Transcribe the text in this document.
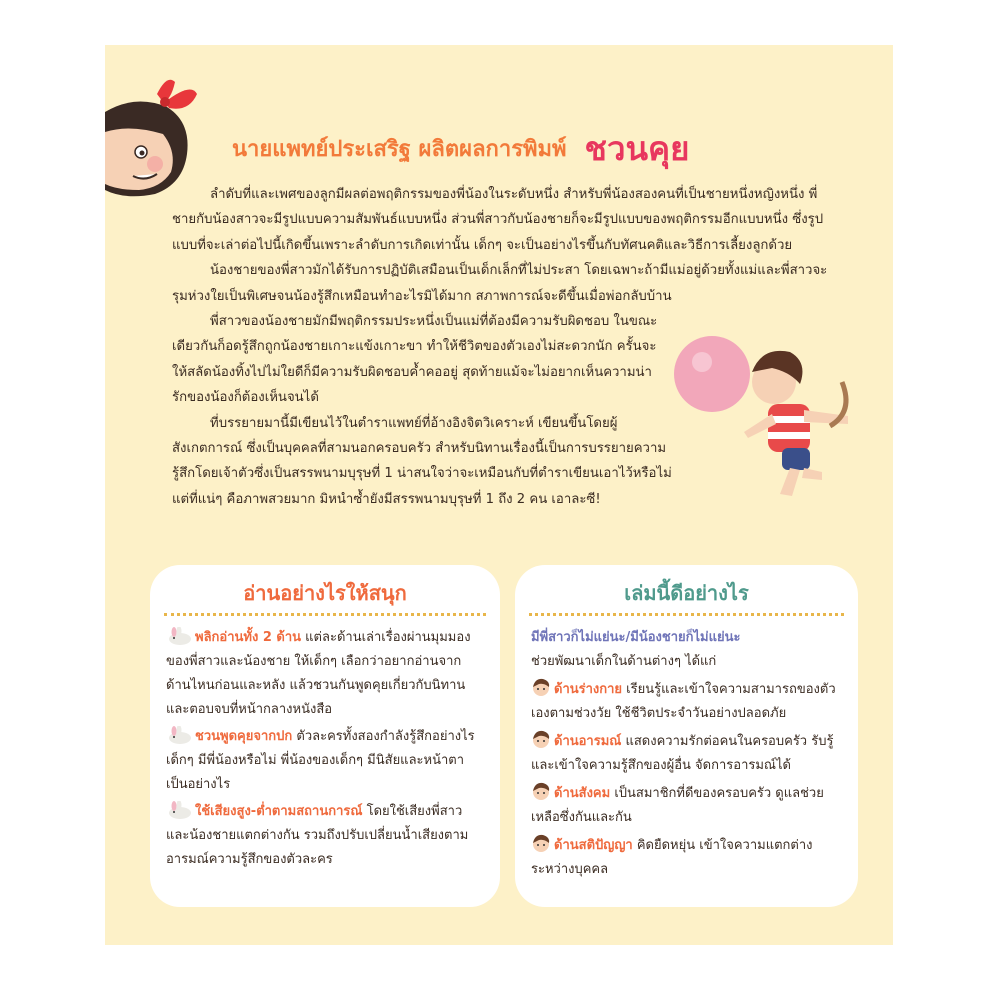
นายแพทย์ประเสริฐ ผลิตผลการพิมพ์ ชวนคุย

ลำดับที่และเพศของลูกมีผลต่อพฤติกรรมของพี่น้องในระดับหนึ่ง สำหรับพี่น้องสองคนที่เป็นชายหนึ่งหญิงหนึ่ง พี่ชายกับน้องสาวจะมีรูปแบบความสัมพันธ์แบบหนึ่ง ส่วนพี่สาวกับน้องชายก็จะมีรูปแบบของพฤติกรรมอีกแบบหนึ่ง ซึ่งรูปแบบที่จะเล่าต่อไปนี้เกิดขึ้นเพราะลำดับการเกิดเท่านั้น เด็กๆ จะเป็นอย่างไรขึ้นกับทัศนคติและวิธีการเลี้ยงลูกด้วย

น้องชายของพี่สาวมักได้รับการปฏิบัติเสมือนเป็นเด็กเล็กที่ไม่ประสา โดยเฉพาะถ้ามีแม่อยู่ด้วยทั้งแม่และพี่สาวจะรุมห่วงใยเป็นพิเศษจนน้องรู้สึกเหมือนทำอะไรมิได้มาก สภาพการณ์จะดีขึ้นเมื่อพ่อกลับบ้าน

พี่สาวของน้องชายมักมีพฤติกรรมประหนึ่งเป็นแม่ที่ต้องมีความรับผิดชอบ ในขณะเดียวกันก็อดรู้สึกถูกน้องชายเกาะแข้งเกาะขา ทำให้ชีวิตของตัวเองไม่สะดวกนัก ครั้นจะให้สลัดน้องทิ้งไปไม่ใยดีก็มีความรับผิดชอบค้ำคออยู่ สุดท้ายแม้จะไม่อยากเห็นความน่ารักของน้องก็ต้องเห็นจนได้

ที่บรรยายมานี้มีเขียนไว้ในตำราแพทย์ที่อ้างอิงจิตวิเคราะห์ เขียนขึ้นโดยผู้สังเกตการณ์ ซึ่งเป็นบุคคลที่สามนอกครอบครัว สำหรับนิทานเรื่องนี้เป็นการบรรยายความรู้สึกโดยเจ้าตัวซึ่งเป็นสรรพนามบุรุษที่ 1 น่าสนใจว่าจะเหมือนกับที่ตำราเขียนเอาไว้หรือไม่ แต่ที่แน่ๆ คือภาพสวยมาก มิหนำซ้ำยังมีสรรพนามบุรุษที่ 1 ถึง 2 คน เอาละซี!

อ่านอย่างไรให้สนุก
พลิกอ่านทั้ง 2 ด้าน แต่ละด้านเล่าเรื่องผ่านมุมมองของพี่สาวและน้องชาย ให้เด็กๆ เลือกว่าอยากอ่านจากด้านไหนก่อนและหลัง แล้วชวนกันพูดคุยเกี่ยวกับนิทานและตอบจบที่หน้ากลางหนังสือ
ชวนพูดคุยจากปก ตัวละครทั้งสองกำลังรู้สึกอย่างไร เด็กๆ มีพี่น้องหรือไม่ พี่น้องของเด็กๆ มีนิสัยและหน้าตาเป็นอย่างไร
ใช้เสียงสูง-ต่ำตามสถานการณ์ โดยใช้เสียงพี่สาวและน้องชายแตกต่างกัน รวมถึงปรับเปลี่ยนน้ำเสียงตามอารมณ์ความรู้สึกของตัวละคร
เล่มนี้ดีอย่างไร
มีพี่สาวก็ไม่แย่นะ/มีน้องชายก็ไม่แย่นะ
ช่วยพัฒนาเด็กในด้านต่างๆ ได้แก่
ด้านร่างกาย เรียนรู้และเข้าใจความสามารถของตัวเองตามช่วงวัย ใช้ชีวิตประจำวันอย่างปลอดภัย
ด้านอารมณ์ แสดงความรักต่อคนในครอบครัว รับรู้และเข้าใจความรู้สึกของผู้อื่น จัดการอารมณ์ได้
ด้านสังคม เป็นสมาชิกที่ดีของครอบครัว ดูแลช่วยเหลือซึ่งกันและกัน
ด้านสติปัญญา คิดยืดหยุ่น เข้าใจความแตกต่างระหว่างบุคคล
